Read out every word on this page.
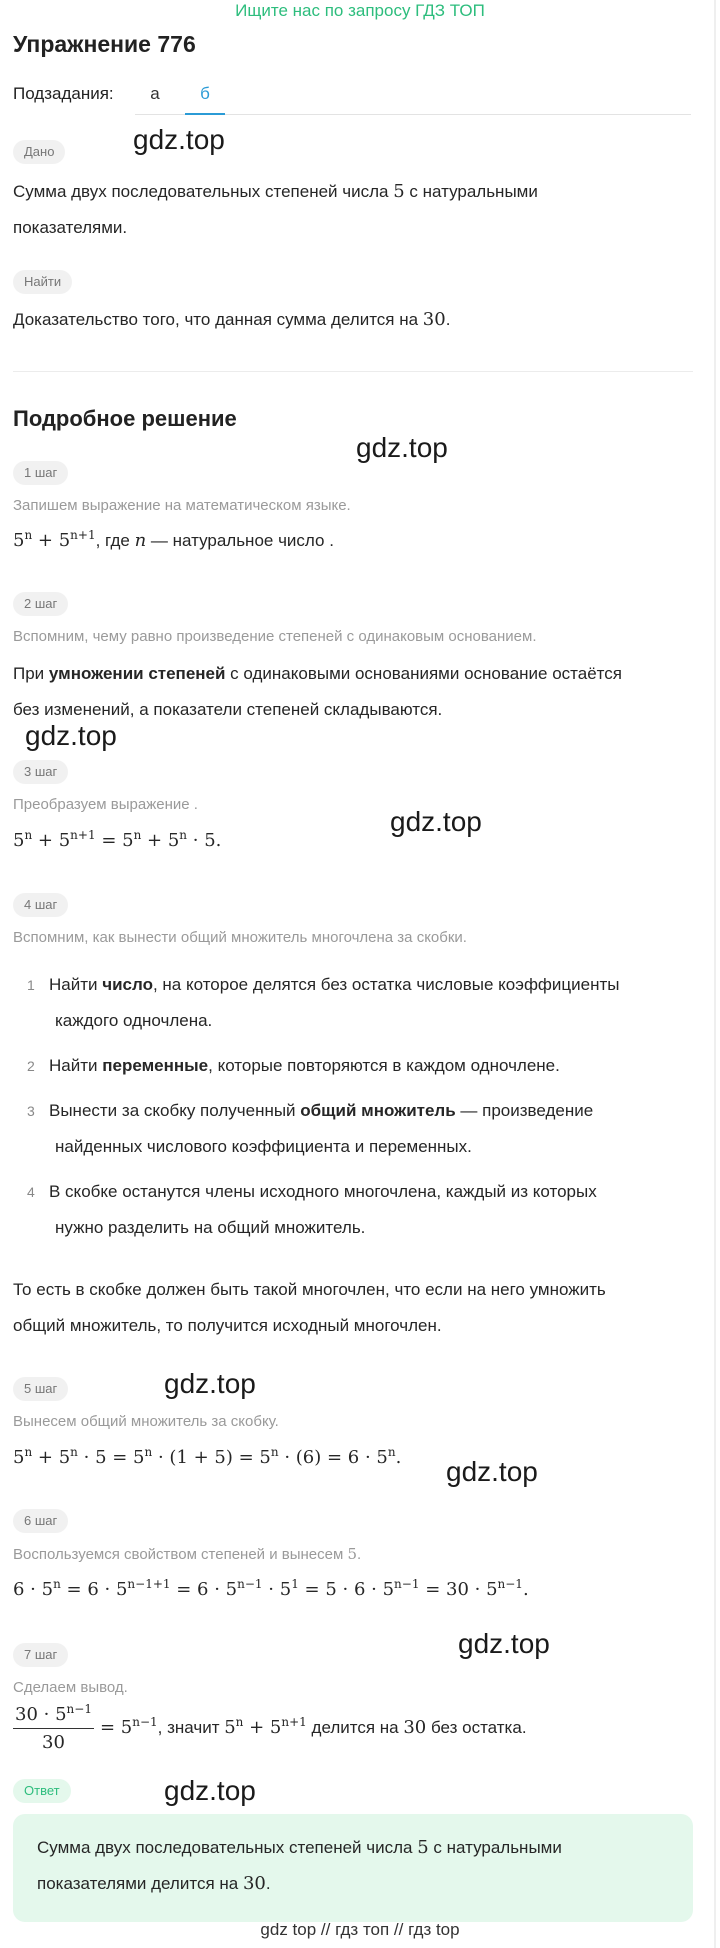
Ищите нас по запросу ГДЗ ТОП
Упражнение 776
Подзадания:	а	б
Дано	gdz.top
Сумма двух последовательных степеней числа 5 с натуральными
показателями.
Найти
Доказательство того, что данная сумма делится на 30.
Подробное решение
gdz.top
1 шаг
Запишем выражение на математическом языке.
$5^n + 5^{n+1}$, где n — натуральное число .
2 шаг
Вспомним, чему равно произведение степеней с одинаковым основанием.
При умножении степеней с одинаковыми основаниями основание остаётся
без изменений, а показатели степеней складываются.
gdz.top
3 шаг
Преобразуем выражение .
$5^n + 5^{n+1} = 5^n + 5^n \cdot 5$.
gdz.top
4 шаг
Вспомним, как вынести общий множитель многочлена за скобки.
1 Найти число, на которое делятся без остатка числовые коэффициенты
каждого одночлена.
2 Найти переменные, которые повторяются в каждом одночлене.
3 Вынести за скобку полученный общий множитель — произведение
найденных числового коэффициента и переменных.
4 В скобке останутся члены исходного многочлена, каждый из которых
нужно разделить на общий множитель.
То есть в скобке должен быть такой многочлен, что если на него умножить
общий множитель, то получится исходный многочлен.
5 шаг	gdz.top
Вынесем общий множитель за скобку.
$5^n + 5^n \cdot 5 = 5^n \cdot (1 + 5) = 5^n \cdot (6) = 6 \cdot 5^n$. gdz.top
6 шаг
Воспользуемся свойством степеней и вынесем 5.
$6 \cdot 5^n = 6 \cdot 5^{n-1+1} = 6 \cdot 5^{n-1} \cdot 5^1 = 5 \cdot 6 \cdot 5^{n-1} = 30 \cdot 5^{n-1}$.
gdz.top
7 шаг
Сделаем вывод.
$\frac{30 \cdot 5^{n-1}}{30} = 5^{n-1}$, значит $5^n + 5^{n+1}$ делится на 30 без остатка.
Ответ	gdz.top
Сумма двух последовательных степеней числа 5 с натуральными
показателями делится на 30.
gdz top // гдз топ // гдз top
